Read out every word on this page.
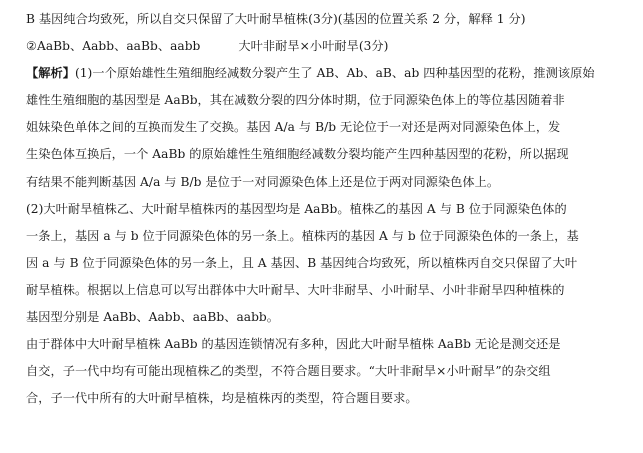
B 基因纯合均致死，所以自交只保留了大叶耐旱植株(3分)(基因的位置关系 2 分，解释 1 分)
②AaBb、Aabb、aaBb、aabb	大叶非耐旱×小叶耐旱(3分)
【解析】(1)一个原始雄性生殖细胞经减数分裂产生了 AB、Ab、aB、ab 四种基因型的花粉，推测该原始
雄性生殖细胞的基因型是 AaBb，其在减数分裂的四分体时期，位于同源染色体上的等位基因随着非
姐妹染色单体之间的互换而发生了交换。基因 A/a 与 B/b 无论位于一对还是两对同源染色体上，发
生染色体互换后，一个 AaBb 的原始雄性生殖细胞经减数分裂均能产生四种基因型的花粉，所以据现
有结果不能判断基因 A/a 与 B/b 是位于一对同源染色体上还是位于两对同源染色体上。
(2)大叶耐旱植株乙、大叶耐旱植株丙的基因型均是 AaBb。植株乙的基因 A 与 B 位于同源染色体的
一条上，基因 a 与 b 位于同源染色体的另一条上。植株丙的基因 A 与 b 位于同源染色体的一条上，基
因 a 与 B 位于同源染色体的另一条上，且 A 基因、B 基因纯合均致死，所以植株丙自交只保留了大叶
耐旱植株。根据以上信息可以写出群体中大叶耐旱、大叶非耐旱、小叶耐旱、小叶非耐旱四种植株的
基因型分别是 AaBb、Aabb、aaBb、aabb。
由于群体中大叶耐旱植株 AaBb 的基因连锁情况有多种，因此大叶耐旱植株 AaBb 无论是测交还是
自交，子一代中均有可能出现植株乙的类型，不符合题目要求。“大叶非耐旱×小叶耐旱”的杂交组
合，子一代中所有的大叶耐旱植株，均是植株丙的类型，符合题目要求。
